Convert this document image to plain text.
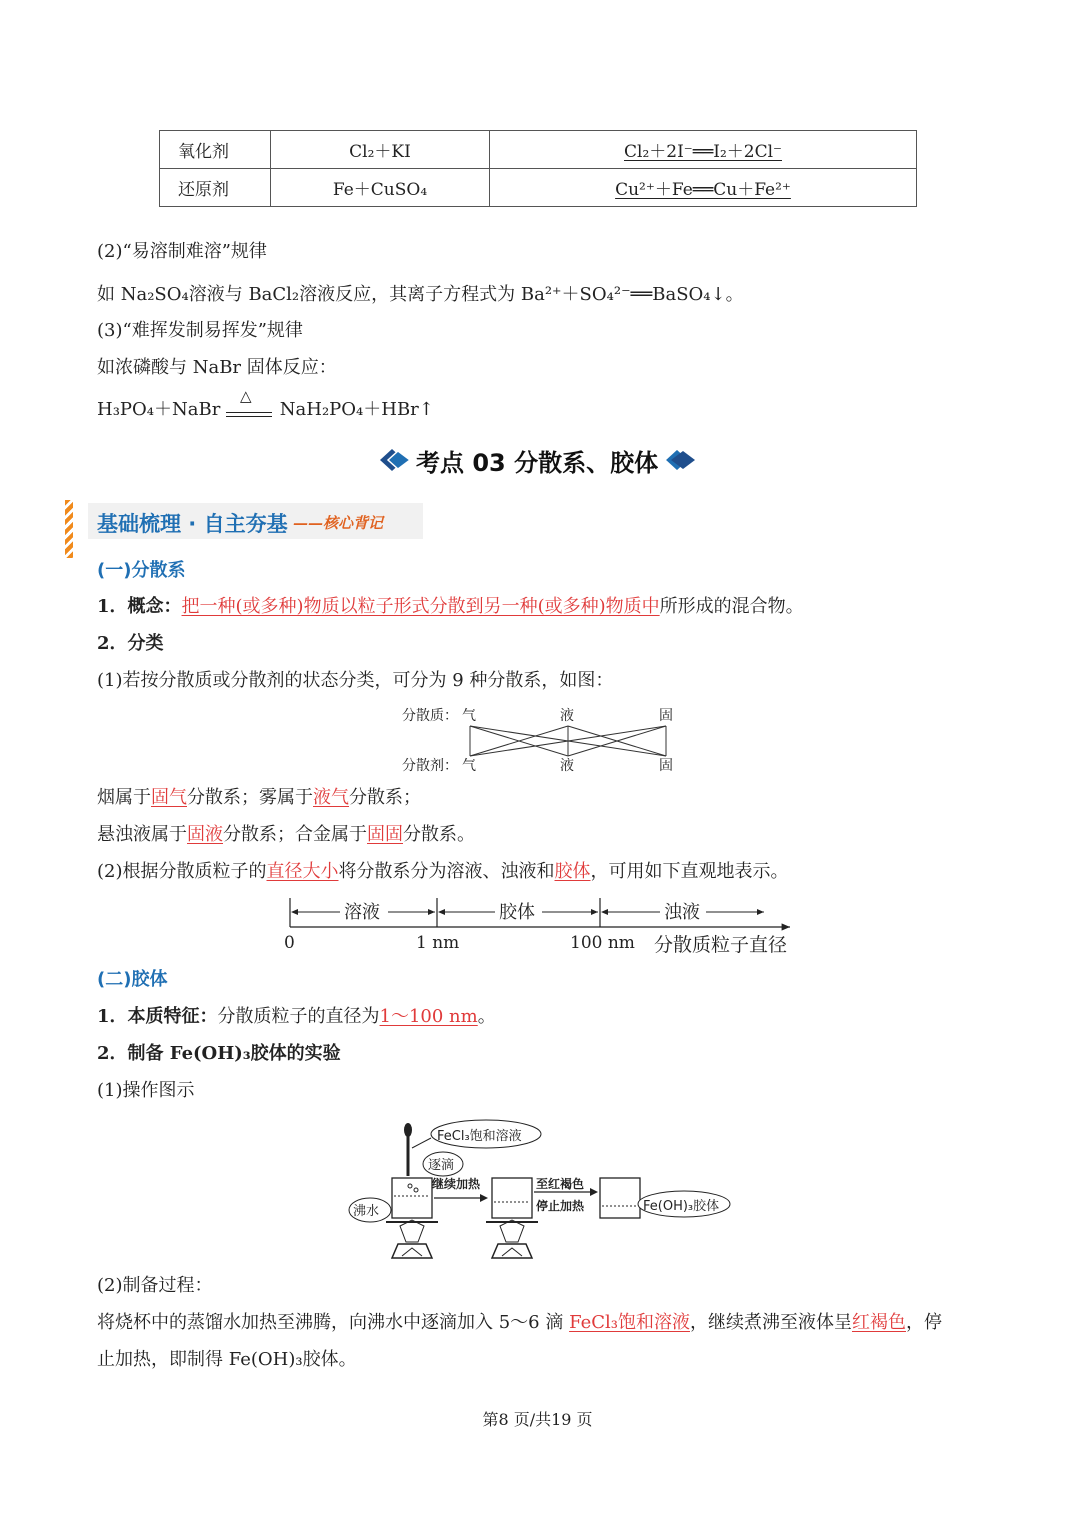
氧化剂	Cl₂＋KI	Cl₂＋2I⁻══I₂＋2Cl⁻
还原剂	Fe＋CuSO₄	Cu²⁺＋Fe══Cu＋Fe²⁺
(2)“易溶制难溶”规律
如 Na₂SO₄溶液与 BaCl₂溶液反应，其离子方程式为 Ba²⁺＋SO₄²⁻══BaSO₄↓。
(3)“难挥发制易挥发”规律
如浓磷酸与 NaBr 固体反应：
H₃PO₄＋NaBr
△
NaH₂PO₄＋HBr↑
考点 03 分散系、胶体
基础梳理 · 自主夯基 ——核心背记
(一)分散系
1．概念：把一种(或多种)物质以粒子形式分散到另一种(或多种)物质中所形成的混合物。
2．分类
(1)若按分散质或分散剂的状态分类，可分为 9 种分散系，如图：
分散质：
分散剂：
气	液	固
气	液	固
烟属于固气分散系；雾属于液气分散系；
悬浊液属于固液分散系；合金属于固固分散系。
(2)根据分散质粒子的直径大小将分散系分为溶液、浊液和胶体，可用如下直观地表示。
溶液	胶体	浊液
0	1 nm	100 nm 分散质粒子直径
(二)胶体
1．本质特征：分散质粒子的直径为1～100 nm。
2．制备 Fe(OH)₃胶体的实验
(1)操作图示
FeCl₃饱和溶液
逐滴
沸水
继续加热	至红褐色
停止加热	Fe(OH)₃胶体
(2)制备过程：
将烧杯中的蒸馏水加热至沸腾，向沸水中逐滴加入 5～6 滴 FeCl₃饱和溶液，继续煮沸至液体呈红褐色，停
止加热，即制得 Fe(OH)₃胶体。
第8 页/共19 页
